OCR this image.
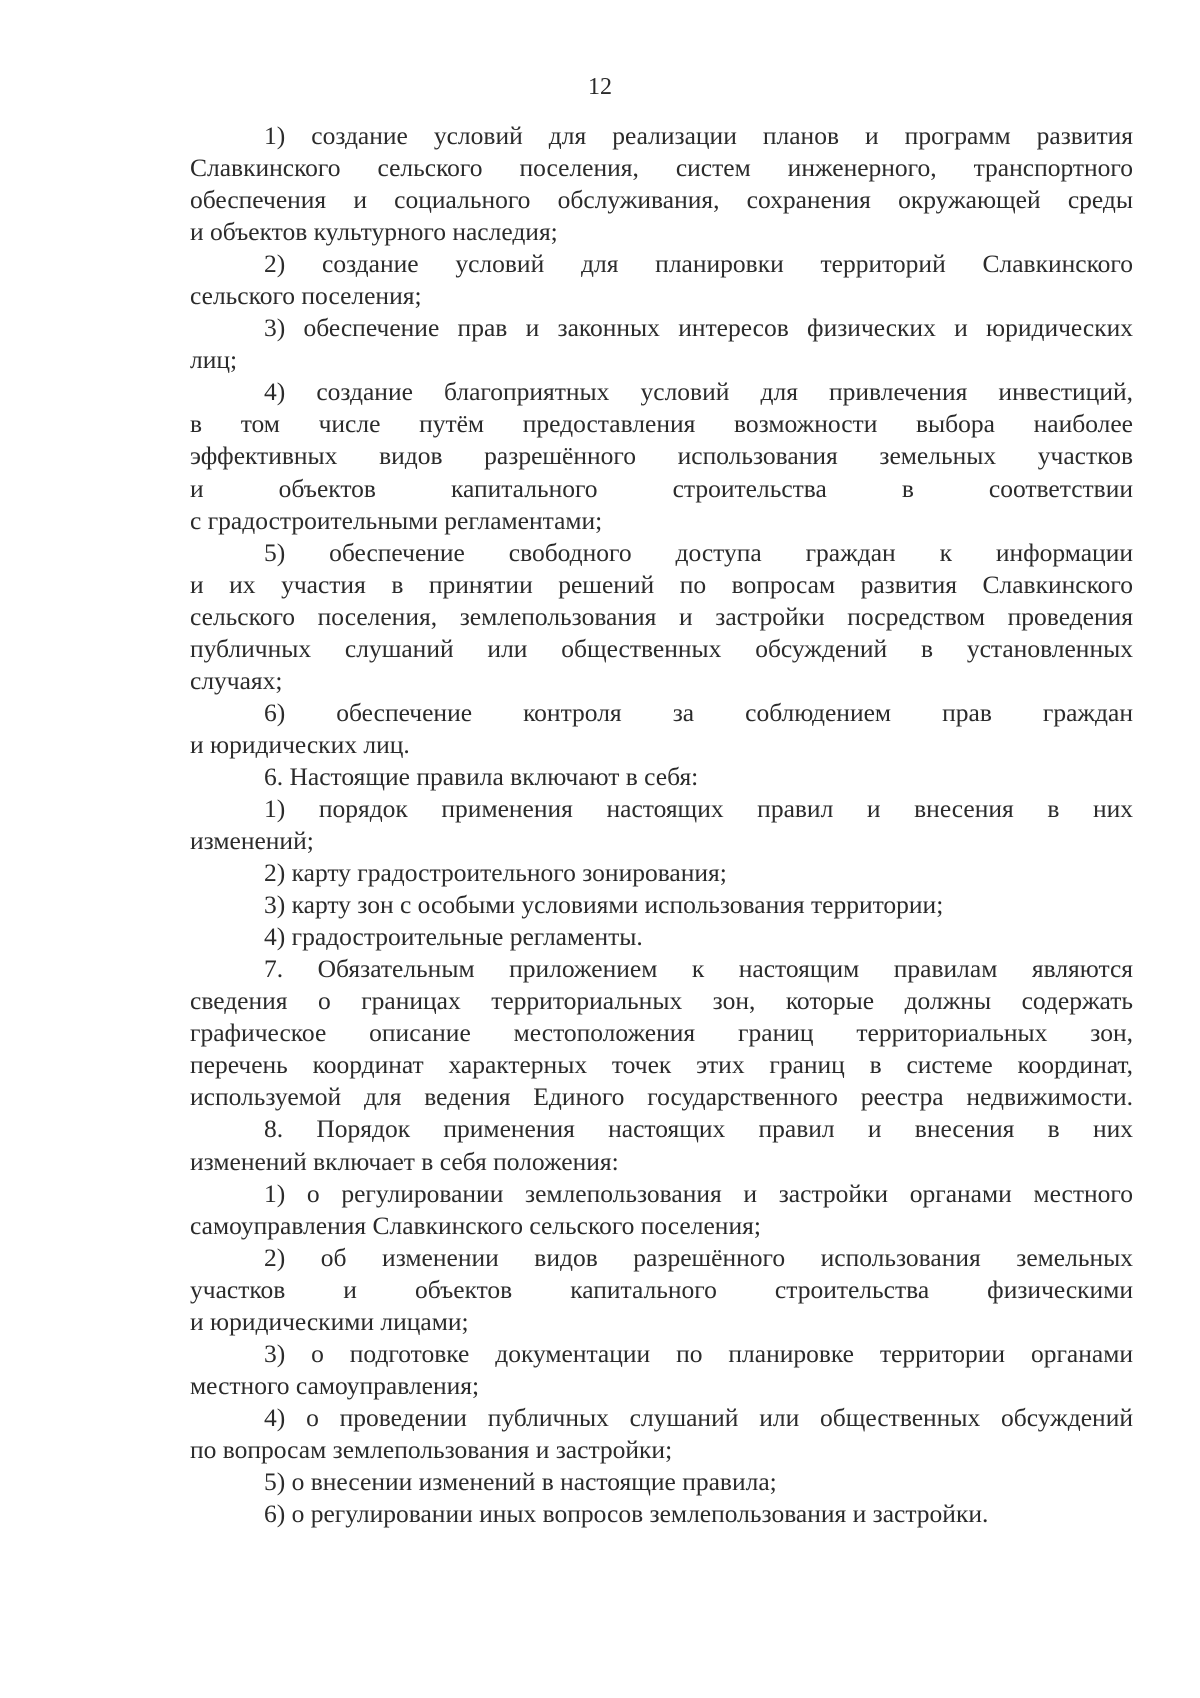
12
1) создание условий для реализации планов и программ развития
Славкинского сельского поселения, систем инженерного, транспортного
обеспечения и социального обслуживания, сохранения окружающей среды
и объектов культурного наследия;
2) создание условий для планировки территорий Славкинского
сельского поселения;
3) обеспечение прав и законных интересов физических и юридических
лиц;
4) создание благоприятных условий для привлечения инвестиций,
в том числе путём предоставления возможности выбора наиболее
эффективных видов разрешённого использования земельных участков
и объектов капитального строительства в соответствии
с градостроительными регламентами;
5) обеспечение свободного доступа граждан к информации
и их участия в принятии решений по вопросам развития Славкинского
сельского поселения, землепользования и застройки посредством проведения
публичных слушаний или общественных обсуждений в установленных
случаях;
6) обеспечение контроля за соблюдением прав граждан
и юридических лиц.
6. Настоящие правила включают в себя:
1) порядок применения настоящих правил и внесения в них
изменений;
2) карту градостроительного зонирования;
3) карту зон с особыми условиями использования территории;
4) градостроительные регламенты.
7. Обязательным приложением к настоящим правилам являются
сведения о границах территориальных зон, которые должны содержать
графическое описание местоположения границ территориальных зон,
перечень координат характерных точек этих границ в системе координат,
используемой для ведения Единого государственного реестра недвижимости.
8. Порядок применения настоящих правил и внесения в них
изменений включает в себя положения:
1) о регулировании землепользования и застройки органами местного
самоуправления Славкинского сельского поселения;
2) об изменении видов разрешённого использования земельных
участков и объектов капитального строительства физическими
и юридическими лицами;
3) о подготовке документации по планировке территории органами
местного самоуправления;
4) о проведении публичных слушаний или общественных обсуждений
по вопросам землепользования и застройки;
5) о внесении изменений в настоящие правила;
6) о регулировании иных вопросов землепользования и застройки.
